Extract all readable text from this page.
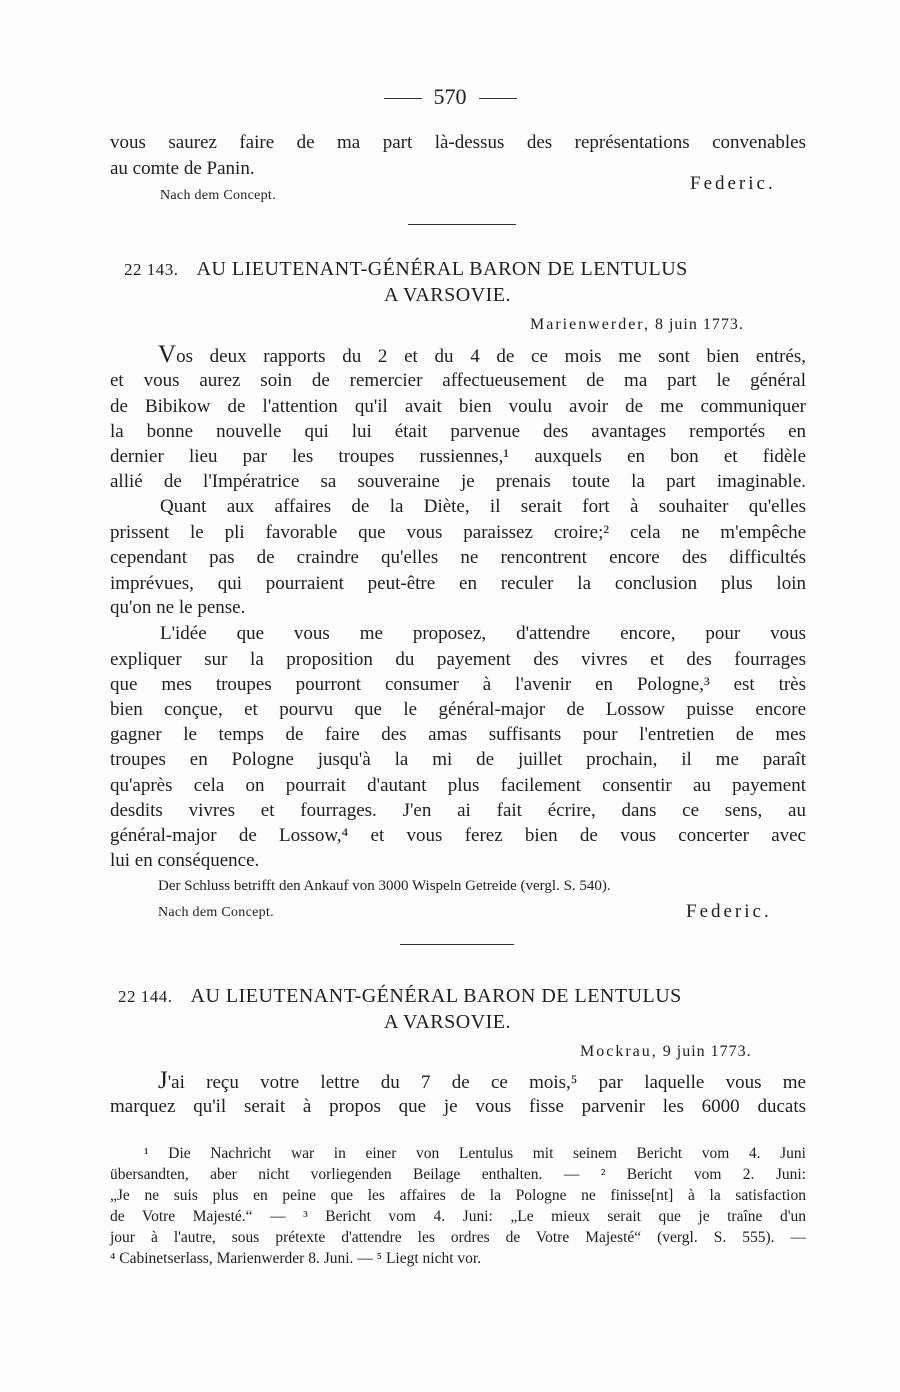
570
vous saurez faire de ma part là-dessus des représentations convenables
au comte de Panin.
Nach dem Concept.
Federic.
22 143. AU LIEUTENANT-GÉNÉRAL BARON DE LENTULUS
A VARSOVIE.
Marienwerder, 8 juin 1773.
Vos deux rapports du 2 et du 4 de ce mois me sont bien entrés,
et vous aurez soin de remercier affectueusement de ma part le général
de Bibikow de l'attention qu'il avait bien voulu avoir de me communiquer
la bonne nouvelle qui lui était parvenue des avantages remportés en
dernier lieu par les troupes russiennes,¹ auxquels en bon et fidèle
allié de l'Impératrice sa souveraine je prenais toute la part imaginable.
Quant aux affaires de la Diète, il serait fort à souhaiter qu'elles
prissent le pli favorable que vous paraissez croire;² cela ne m'empêche
cependant pas de craindre qu'elles ne rencontrent encore des difficultés
imprévues, qui pourraient peut-être en reculer la conclusion plus loin
qu'on ne le pense.
L'idée que vous me proposez, d'attendre encore, pour vous
expliquer sur la proposition du payement des vivres et des fourrages
que mes troupes pourront consumer à l'avenir en Pologne,³ est très
bien conçue, et pourvu que le général-major de Lossow puisse encore
gagner le temps de faire des amas suffisants pour l'entretien de mes
troupes en Pologne jusqu'à la mi de juillet prochain, il me paraît
qu'après cela on pourrait d'autant plus facilement consentir au payement
desdits vivres et fourrages. J'en ai fait écrire, dans ce sens, au
général-major de Lossow,⁴ et vous ferez bien de vous concerter avec
lui en conséquence.
Der Schluss betrifft den Ankauf von 3000 Wispeln Getreide (vergl. S. 540).
Nach dem Concept.	Federic.
22 144. AU LIEUTENANT-GÉNÉRAL BARON DE LENTULUS
A VARSOVIE.
Mockrau, 9 juin 1773.
J'ai reçu votre lettre du 7 de ce mois,⁵ par laquelle vous me
marquez qu'il serait à propos que je vous fisse parvenir les 6000 ducats
¹ Die Nachricht war in einer von Lentulus mit seinem Bericht vom 4. Juni
übersandten, aber nicht vorliegenden Beilage enthalten. — ² Bericht vom 2. Juni:
„Je ne suis plus en peine que les affaires de la Pologne ne finisse[nt] à la satisfaction
de Votre Majesté.“ — ³ Bericht vom 4. Juni: „Le mieux serait que je traîne d'un
jour à l'autre, sous prétexte d'attendre les ordres de Votre Majesté“ (vergl. S. 555). —
⁴ Cabinetserlass, Marienwerder 8. Juni. — ⁵ Liegt nicht vor.
